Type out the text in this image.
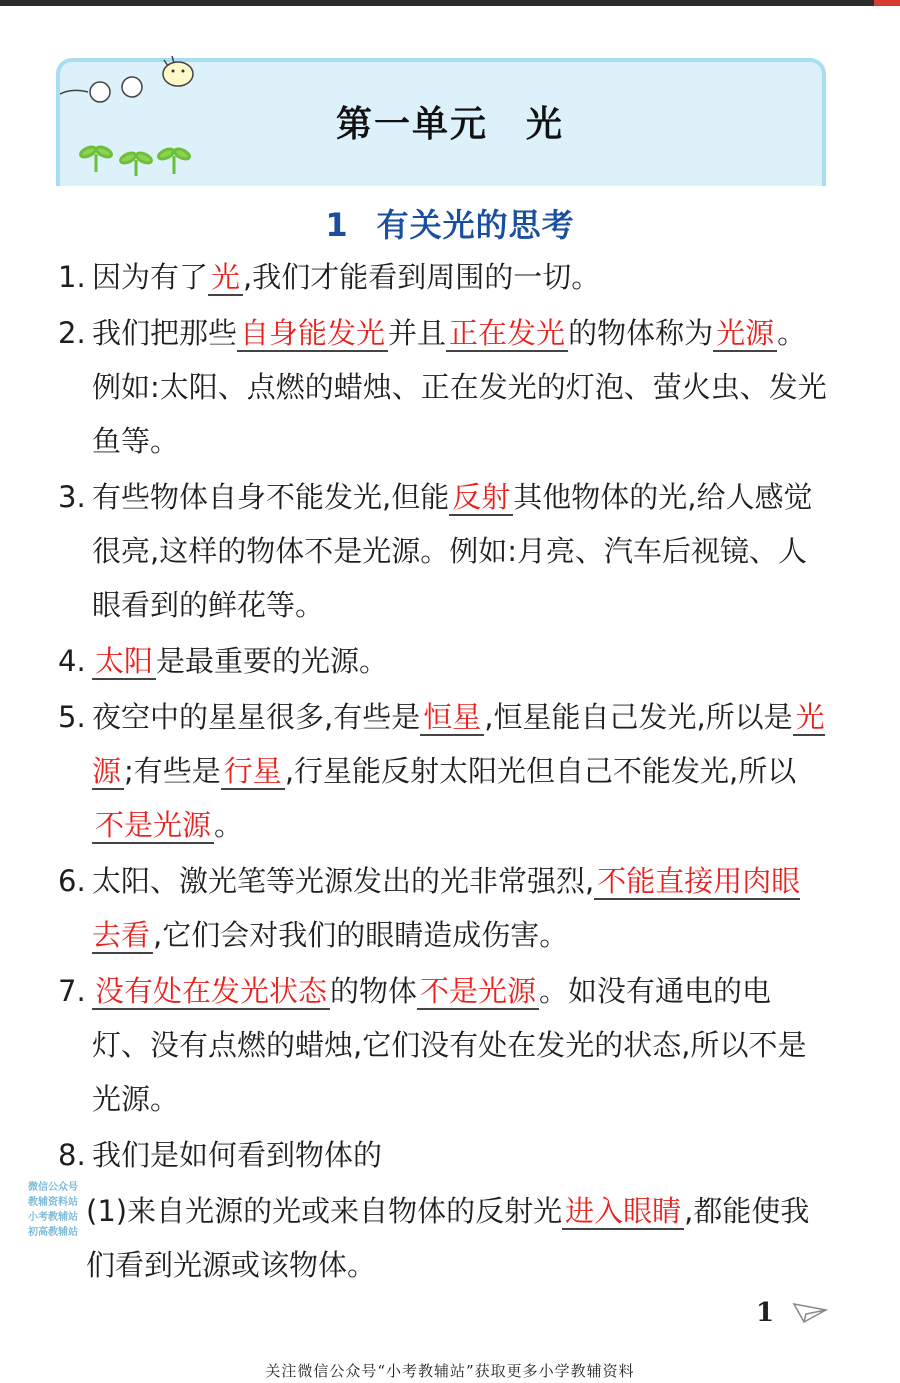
第一单元　光
1 有关光的思考
1. 因为有了 光 ,我们才能看到周围的一切。
2. 我们把那些 自身能发光 并且 正在发光 的物体称为 光源 。例如:太阳、点燃的蜡烛、正在发光的灯泡、萤火虫、发光鱼等。
3. 有些物体自身不能发光,但能 反射 其他物体的光,给人感觉很亮,这样的物体不是光源。例如:月亮、汽车后视镜、人眼看到的鲜花等。
4. 太阳 是最重要的光源。
5. 夜空中的星星很多,有些是 恒星 ,恒星能自己发光,所以是 光源 ;有些是 行星 ,行星能反射太阳光但自己不能发光,所以不是光源 。
6. 太阳、激光笔等光源发出的光非常强烈, 不能直接用肉眼去看 ,它们会对我们的眼睛造成伤害。
7. 没有处在发光状态 的物体 不是光源 。如没有通电的电灯、没有点燃的蜡烛,它们没有处在发光的状态,所以不是光源。
8. 我们是如何看到物体的
(1)来自光源的光或来自物体的反射光 进入眼睛 ,都能使我们看到光源或该物体。
微信公众号
教辅资料站
小考教辅站
初高教辅站
1
关注微信公众号“小考教辅站”获取更多小学教辅资料
